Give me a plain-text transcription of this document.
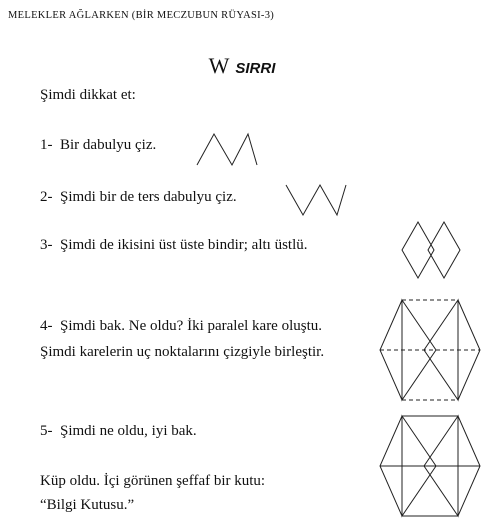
MELEKLER AĞLARKEN (BİR MECZUBUN RÜYASI-3)
W SIRRI
Şimdi dikkat et:
1- Bir dabulyu çiz.
2- Şimdi bir de ters dabulyu çiz.
3- Şimdi de ikisini üst üste bindir; altı üstlü.
4- Şimdi bak. Ne oldu? İki paralel kare oluştu.
Şimdi karelerin uç noktalarını çizgiyle birleştir.
5- Şimdi ne oldu, iyi bak.
Küp oldu. İçi görünen şeffaf bir kutu:
“Bilgi Kutusu.”
